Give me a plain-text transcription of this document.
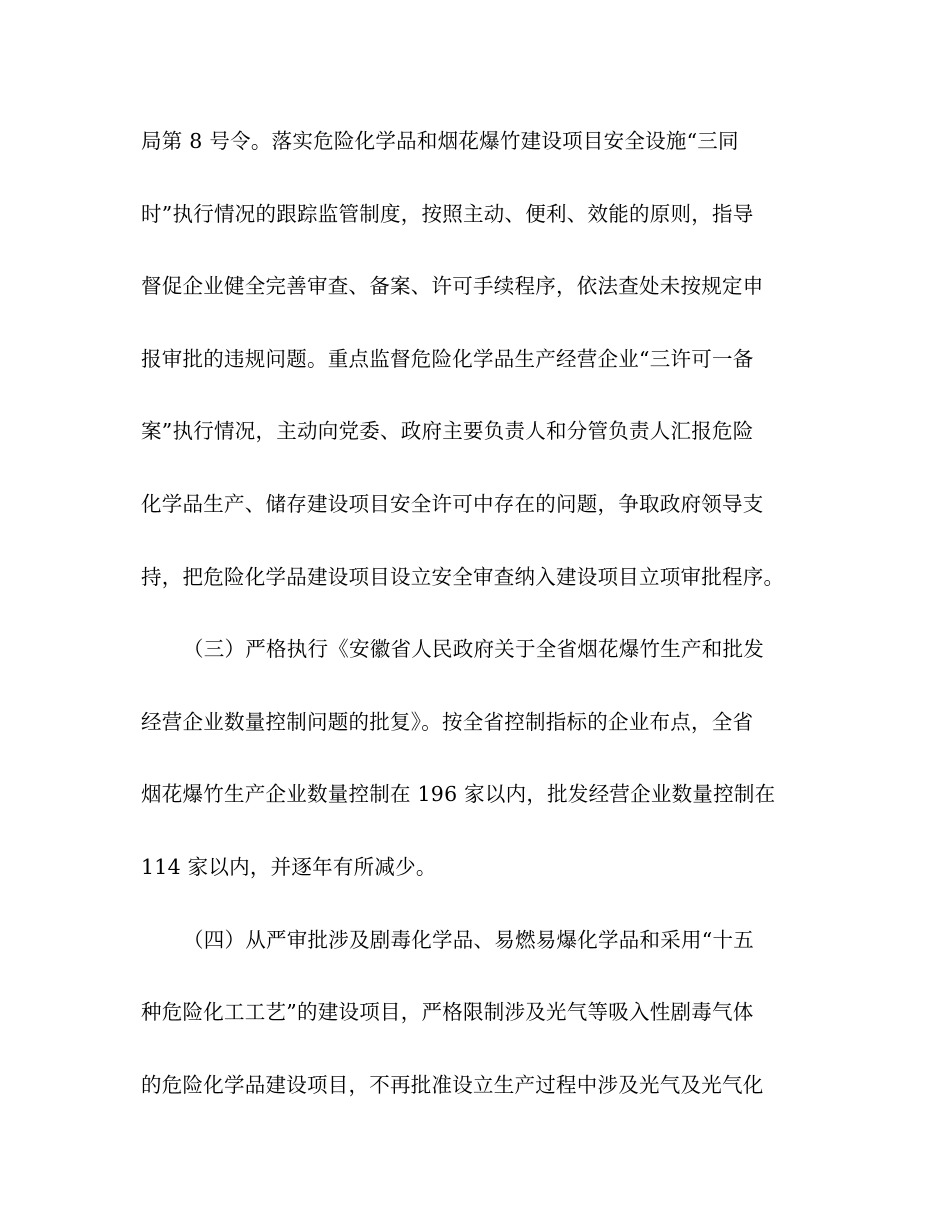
局第 8 号令。落实危险化学品和烟花爆竹建设项目安全设施“三同
时”执行情况的跟踪监管制度，按照主动、便利、效能的原则，指导
督促企业健全完善审查、备案、许可手续程序，依法查处未按规定申
报审批的违规问题。重点监督危险化学品生产经营企业“三许可一备
案”执行情况，主动向党委、政府主要负责人和分管负责人汇报危险
化学品生产、储存建设项目安全许可中存在的问题，争取政府领导支
持，把危险化学品建设项目设立安全审查纳入建设项目立项审批程序。
（三）严格执行《安徽省人民政府关于全省烟花爆竹生产和批发
经营企业数量控制问题的批复》。按全省控制指标的企业布点，全省
烟花爆竹生产企业数量控制在 196 家以内，批发经营企业数量控制在
114 家以内，并逐年有所减少。
（四）从严审批涉及剧毒化学品、易燃易爆化学品和采用“十五
种危险化工工艺”的建设项目，严格限制涉及光气等吸入性剧毒气体
的危险化学品建设项目，不再批准设立生产过程中涉及光气及光气化
